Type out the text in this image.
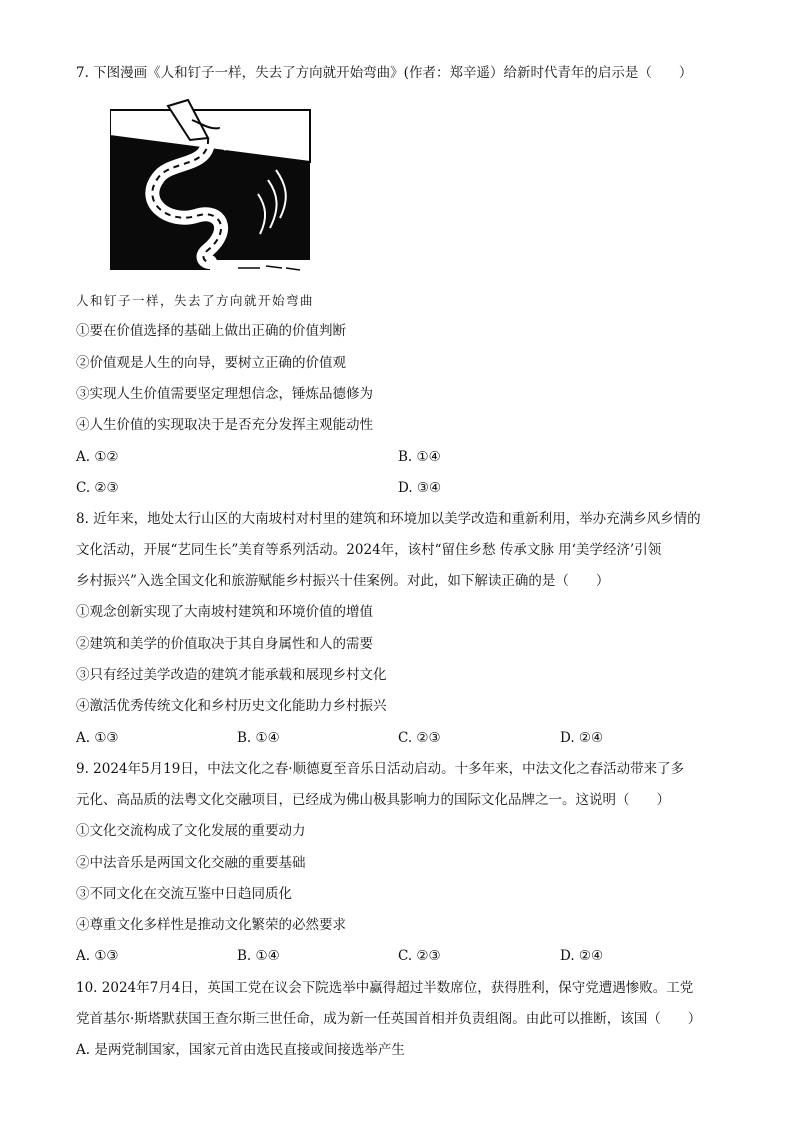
7. 下图漫画《人和钉子一样，失去了方向就开始弯曲》(作者：郑辛遥）给新时代青年的启示是（　　）
人和钉子一样，失去了方向就开始弯曲
①要在价值选择的基础上做出正确的价值判断
②价值观是人生的向导，要树立正确的价值观
③实现人生价值需要坚定理想信念，锤炼品德修为
④人生价值的实现取决于是否充分发挥主观能动性
A. ①②	B. ①④
C. ②③	D. ③④
8. 近年来，地处太行山区的大南坡村对村里的建筑和环境加以美学改造和重新利用，举办充满乡风乡情的
文化活动，开展“艺同生长”美育等系列活动。2024年，该村“留住乡愁 传承文脉 用‘美学经济’引领
乡村振兴”入选全国文化和旅游赋能乡村振兴十佳案例。对此，如下解读正确的是（　　）
①观念创新实现了大南坡村建筑和环境价值的增值
②建筑和美学的价值取决于其自身属性和人的需要
③只有经过美学改造的建筑才能承载和展现乡村文化
④激活优秀传统文化和乡村历史文化能助力乡村振兴
A. ①③	B. ①④	C. ②③	D. ②④
9. 2024年5月19日，中法文化之春·顺德夏至音乐日活动启动。十多年来，中法文化之春活动带来了多
元化、高品质的法粤文化交融项目，已经成为佛山极具影响力的国际文化品牌之一。这说明（　　）
①文化交流构成了文化发展的重要动力
②中法音乐是两国文化交融的重要基础
③不同文化在交流互鉴中日趋同质化
④尊重文化多样性是推动文化繁荣的必然要求
A. ①③	B. ①④	C. ②③	D. ②④
10. 2024年7月4日，英国工党在议会下院选举中赢得超过半数席位，获得胜利，保守党遭遇惨败。工党
党首基尔·斯塔默获国王查尔斯三世任命，成为新一任英国首相并负责组阁。由此可以推断，该国（　　）
A. 是两党制国家，国家元首由选民直接或间接选举产生
